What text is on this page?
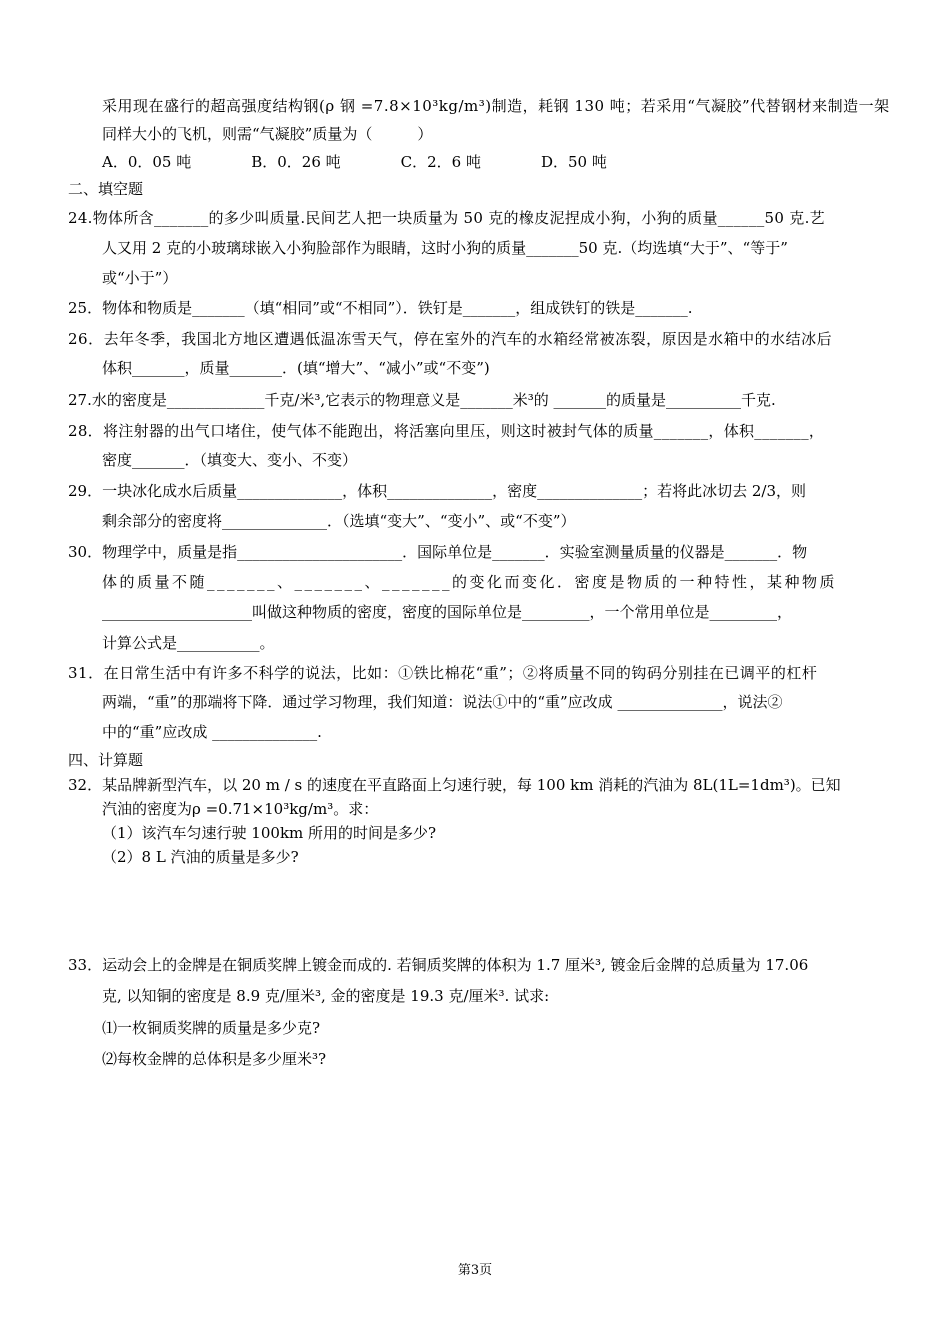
采用现在盛行的超高强度结构钢(ρ 钢 =7.8×10³kg/m³)制造，耗钢 130 吨；若采用“气凝胶”代替钢材来制造一架
同样大小的飞机，则需“气凝胶”质量为（　　　）
A．0．05 吨　　　　B．0．26 吨　　　　C．2．6 吨　　　　D．50 吨
二、填空题
24.物体所含_______的多少叫质量.民间艺人把一块质量为 50 克的橡皮泥捏成小狗，小狗的质量______50 克.艺
人又用 2 克的小玻璃球嵌入小狗脸部作为眼睛，这时小狗的质量_______50 克.（均选填“大于”、“等于”
或“小于”）
25．物体和物质是_______（填“相同”或“不相同”）．铁钉是_______，组成铁钉的铁是_______.
26．去年冬季，我国北方地区遭遇低温冻雪天气，停在室外的汽车的水箱经常被冻裂，原因是水箱中的水结冰后
体积_______，质量_______．(填“增大”、“减小”或“不变”)
27.水的密度是_____________千克/米³,它表示的物理意义是_______米³的 _______的质量是__________千克.
28．将注射器的出气口堵住，使气体不能跑出，将活塞向里压，则这时被封气体的质量_______，体积_______，
密度_______．（填变大、变小、不变）
29．一块冰化成水后质量______________，体积______________，密度______________；若将此冰切去 2/3，则
剩余部分的密度将______________．（选填“变大”、“变小”、或“不变”）
30．物理学中，质量是指______________________．国际单位是_______．实验室测量质量的仪器是_______．物
体的质量不随_______、_______、_______的变化而变化．密度是物质的一种特性，某种物质
____________________叫做这种物质的密度，密度的国际单位是_________，一个常用单位是_________，
计算公式是___________。
31．在日常生活中有许多不科学的说法，比如：①铁比棉花“重”；②将质量不同的钩码分别挂在已调平的杠杆
两端，“重”的那端将下降．通过学习物理，我们知道：说法①中的“重”应改成 ______________，说法②
中的“重”应改成 ______________.
四、计算题
32．某品牌新型汽车，以 20 m / s 的速度在平直路面上匀速行驶，每 100 km 消耗的汽油为 8L(1L=1dm³)。已知
汽油的密度为ρ =0.71×10³kg/m³。求：
（1）该汽车匀速行驶 100km 所用的时间是多少?
（2）8 L 汽油的质量是多少?
33．运动会上的金牌是在铜质奖牌上镀金而成的. 若铜质奖牌的体积为 1.7 厘米³, 镀金后金牌的总质量为 17.06
克, 以知铜的密度是 8.9 克/厘米³, 金的密度是 19.3 克/厘米³. 试求:
⑴一枚铜质奖牌的质量是多少克?
⑵每枚金牌的总体积是多少厘米³?
第3页
